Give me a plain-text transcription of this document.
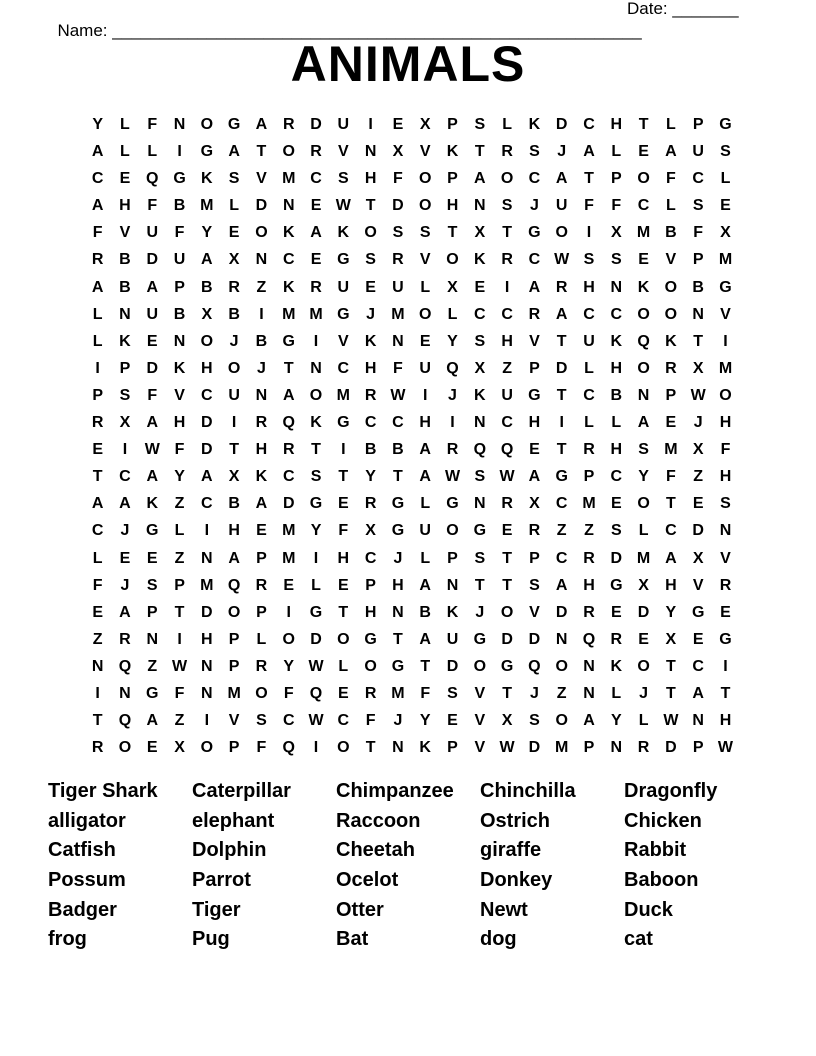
Name: ________________________________________________________

Date: _______

ANIMALS
Y	L	F	N O G A R D U	I	E	X	P	S	L	K D C H	T	L	P G
A	L	L	I	G A	T	O R	V	N	X	V	K	T	R	S	J	A	L	E	A U	S
C	E Q G K	S	V M C	S	H	F	O P	A O C A	T	P O	F	C	L
A H	F	B M L	D N	E W T	D O H N	S	J	U	F	F	C	L	S	E
F	V	U	F	Y	E O K A K O S	S	T	X	T	G O	I	X M B	F	X
R B D U A	X	N C	E G S	R	V O K R C W S	S	E	V	P M
A B A	P	B R	Z	K R U	E	U	L	X	E	I	A R H N K O B G
L	N U B	X	B	I	M M G	J	M O	L	C C R A C C O O N	V
L	K	E	N O	J	B G	I	V	K N	E	Y	S	H	V	T	U K Q K	T	I
I	P	D K H O	J	T	N C H	F	U Q X	Z	P	D	L	H O R	X M
P	S	F	V	C U N A O M R W	I	J	K U G	T	C B N	P W O
R	X	A H D	I	R Q K G C C H	I	N C H	I	L	L	A	E	J	H
E	I	W F	D	T	H R	T	I	B B A R Q Q E	T	R H	S M X	F
T	C A	Y	A	X	K C	S	T	Y	T	A W S W A G P	C	Y	F	Z	H
A A K	Z	C B A D G E	R G	L	G N R	X	C M E O	T	E	S
C	J	G	L	I	H	E M Y	F	X G U O G E	R	Z	Z	S	L	C D N
L	E	E	Z	N A	P M	I	H C	J	L	P	S	T	P	C R D M A	X	V
F	J	S	P M Q R	E	L	E	P	H A N	T	T	S	A H G X	H	V	R
E	A	P	T	D O P	I	G	T	H N B K	J	O V	D R	E	D	Y G E
Z	R N	I	H	P	L	O D O G	T	A U G D D N Q R	E	X	E G
N Q	Z W N	P	R	Y W L	O G	T	D O G Q O N K O	T	C	I
I	N G	F	N M O	F	Q E	R M F	S	V	T	J	Z	N	L	J	T	A	T
T	Q A	Z	I	V	S	C W C	F	J	Y	E	V	X	S O A	Y	L W N H
R O E	X O P	F	Q	I	O	T	N K	P	V W D M P	N R D	P W
Tiger Shark	Caterpillar	Chimpanzee	Chinchilla	Dragonfly
alligator	elephant	Raccoon	Ostrich	Chicken
Catfish	Dolphin	Cheetah	giraffe	Rabbit
Possum	Parrot	Ocelot	Donkey	Baboon
Badger	Tiger	Otter	Newt	Duck
frog	Pug	Bat	dog	cat
